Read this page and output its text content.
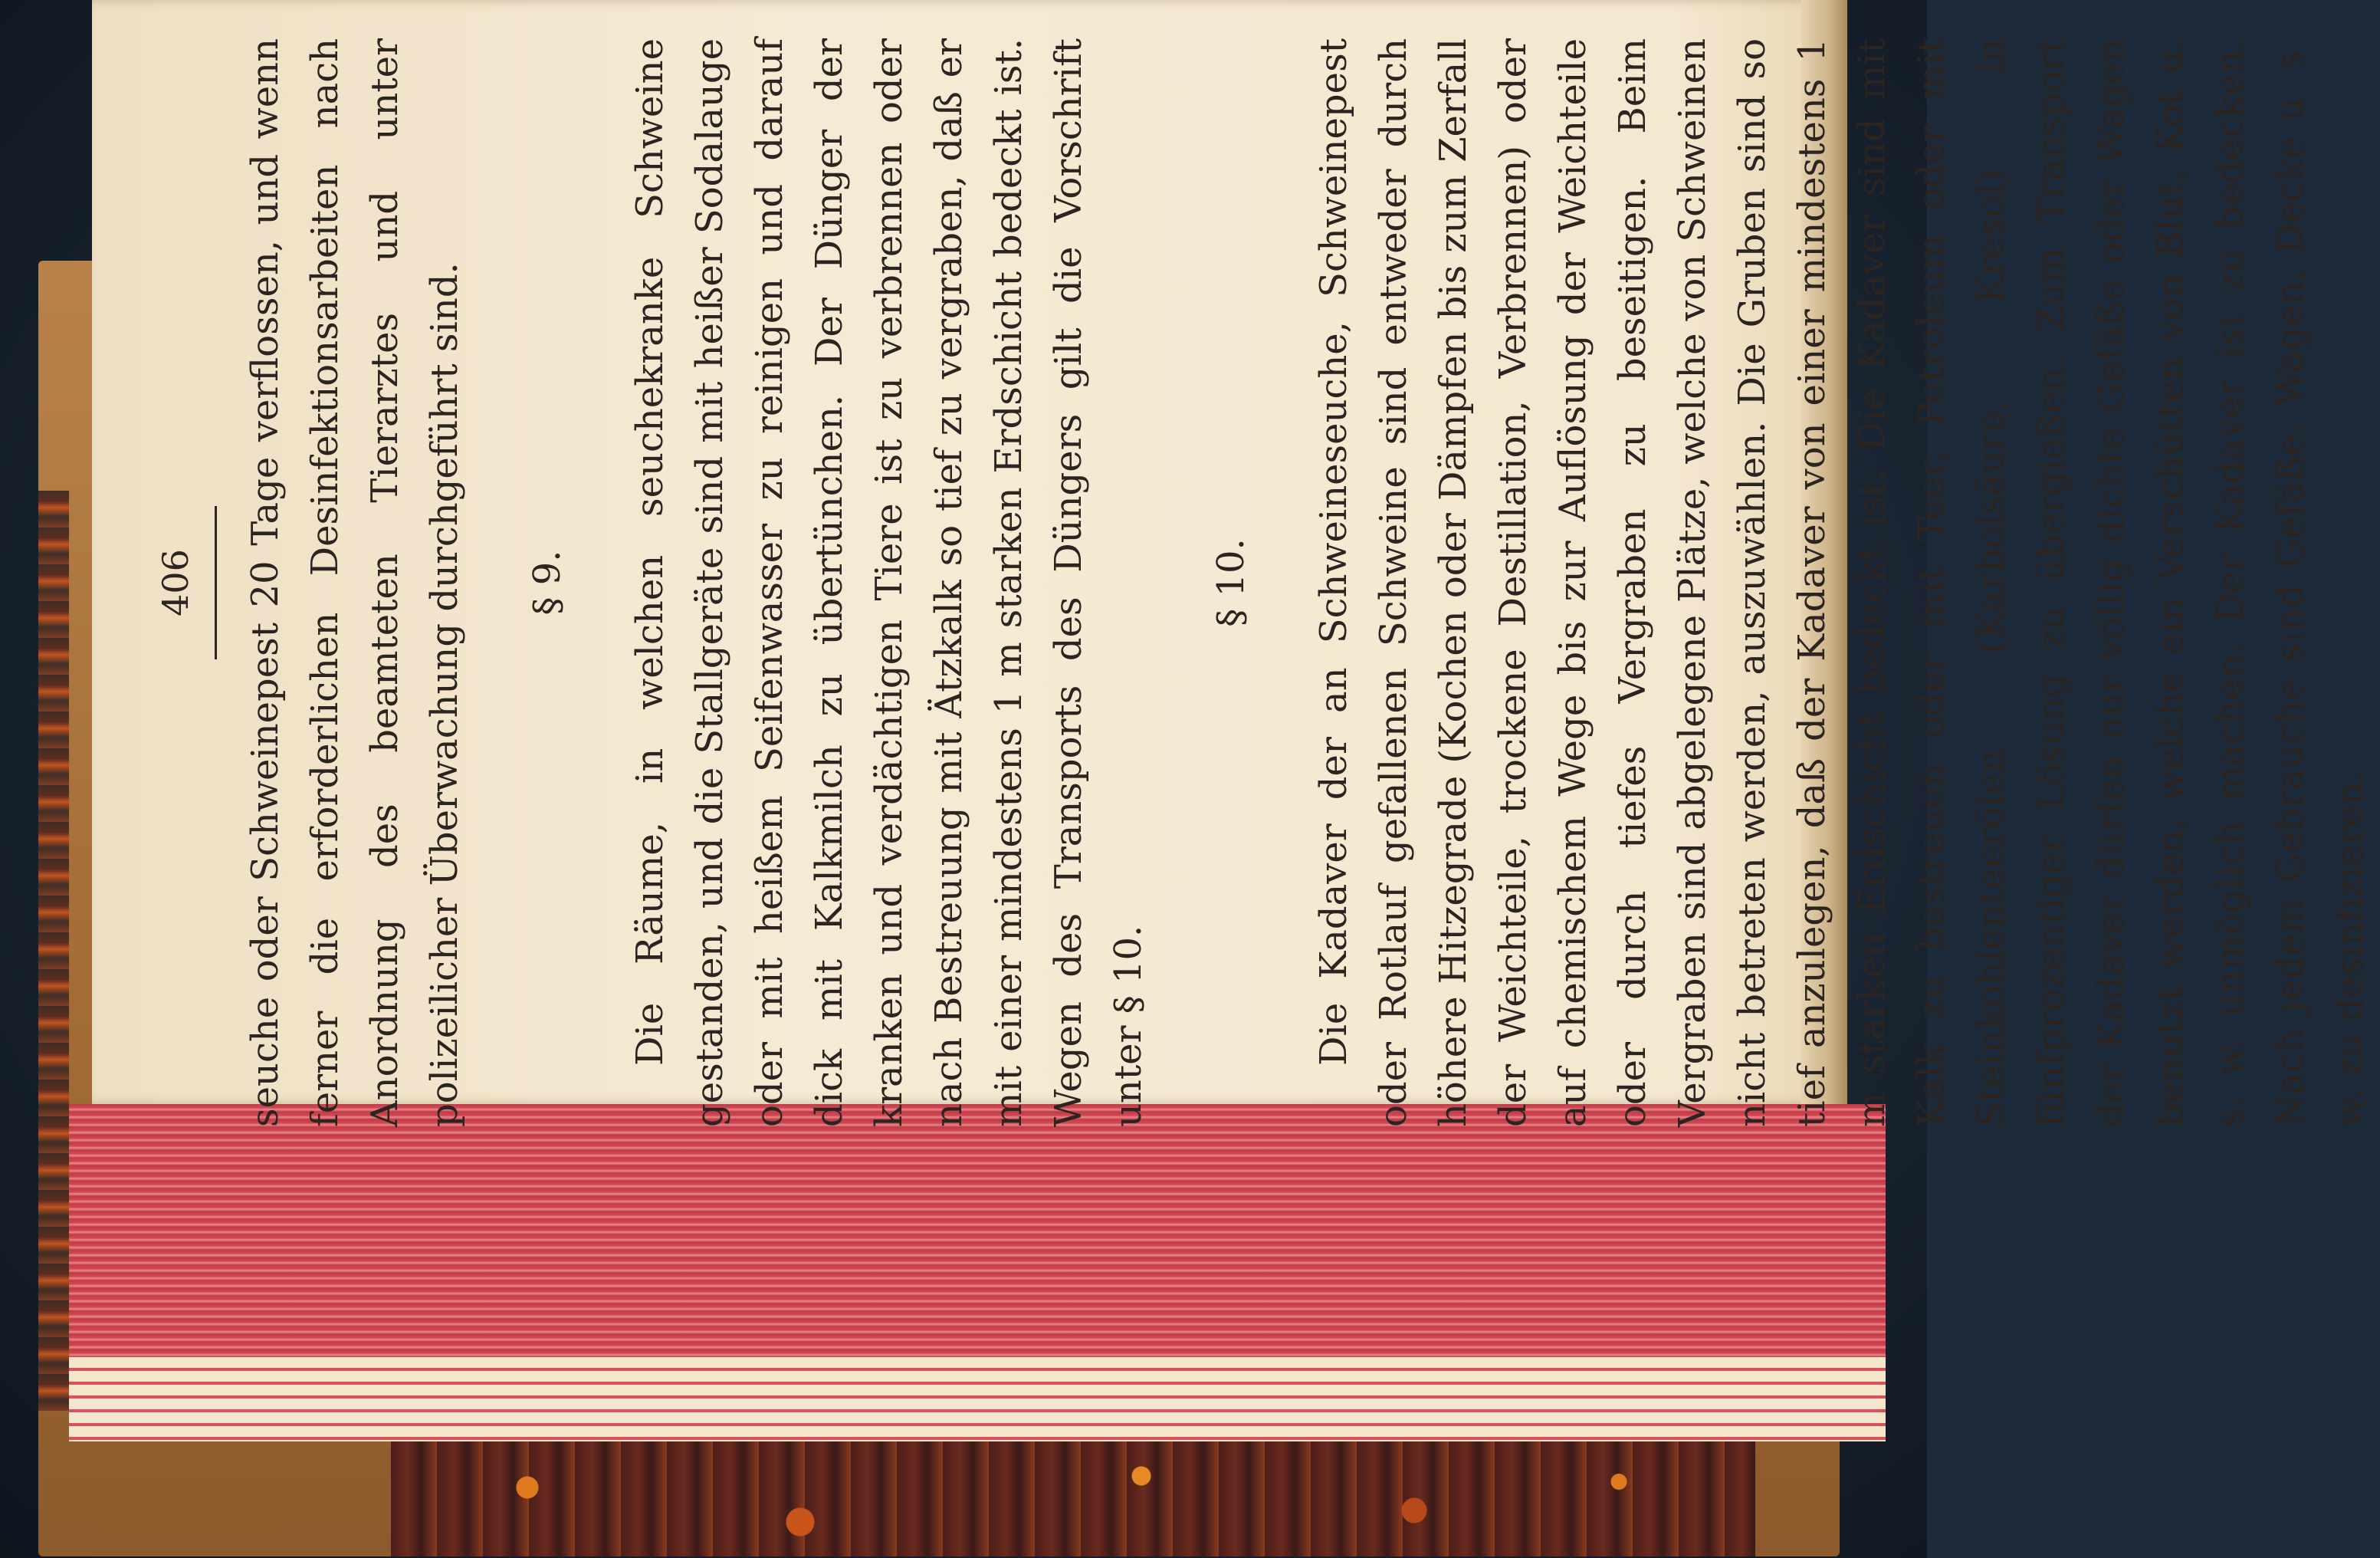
406	seuche oder Schweinepest 20 Tage verflossen, und wenn ferner die erforderlichen Desinfektionsarbeiten nach Anordnung des beamteten Tierarztes und unter polizeilicher Überwachung durchgeführt sind. § 9. Die Räume, in welchen seuchekranke Schweine gestanden, und die Stallgeräte sind mit heißer Sodalauge oder mit heißem Seifenwasser zu reinigen und darauf dick mit Kalkmilch zu übertünchen. Der Dünger der kranken und verdächtigen Tiere ist zu verbrennen oder nach Bestreuung mit Ätzkalk so tief zu vergraben, daß er mit einer mindestens 1 m starken Erdschicht bedeckt ist. Wegen des Transports des Düngers gilt die Vorschrift unter § 10.

§ 10. Die Kadaver der an Schweineseuche, Schweinepest oder Rotlauf gefallenen Schweine sind entweder durch höhere Hitzegrade (Kochen oder Dämpfen bis zum Zerfall der Weichteile, trockene Destillation, Verbrennen) oder auf chemischem Wege bis zur Auflösung der Weichteile oder durch tiefes Vergraben zu beseitigen. Beim Vergraben sind abgelegene Plätze, welche von Schweinen nicht betreten werden, auszuwählen. Die Gruben sind so tief anzulegen, daß der Kadaver von einer mindestens 1 m starken Erdschicht bedeckt ist. Die Kadaver sind mit Kalk zu bestreuen oder mit Teer, Petroleum oder mit Steinkohlenteerölen (Karbolsäure, Kresol) in fünfprozentiger Lösung zu übergießen. Zum Transport der Kadaver dürfen nur völlig dichte Gefäße oder Wagen benutzt werden, welche ein Verschütten von Blut, Kot u. s. w. unmöglich machen. Der Kadaver ist zu bedecken. Nach jedem Gebrauche sind Gefäße, Wagen, Decke u. s. w. zu desinfizieren.
